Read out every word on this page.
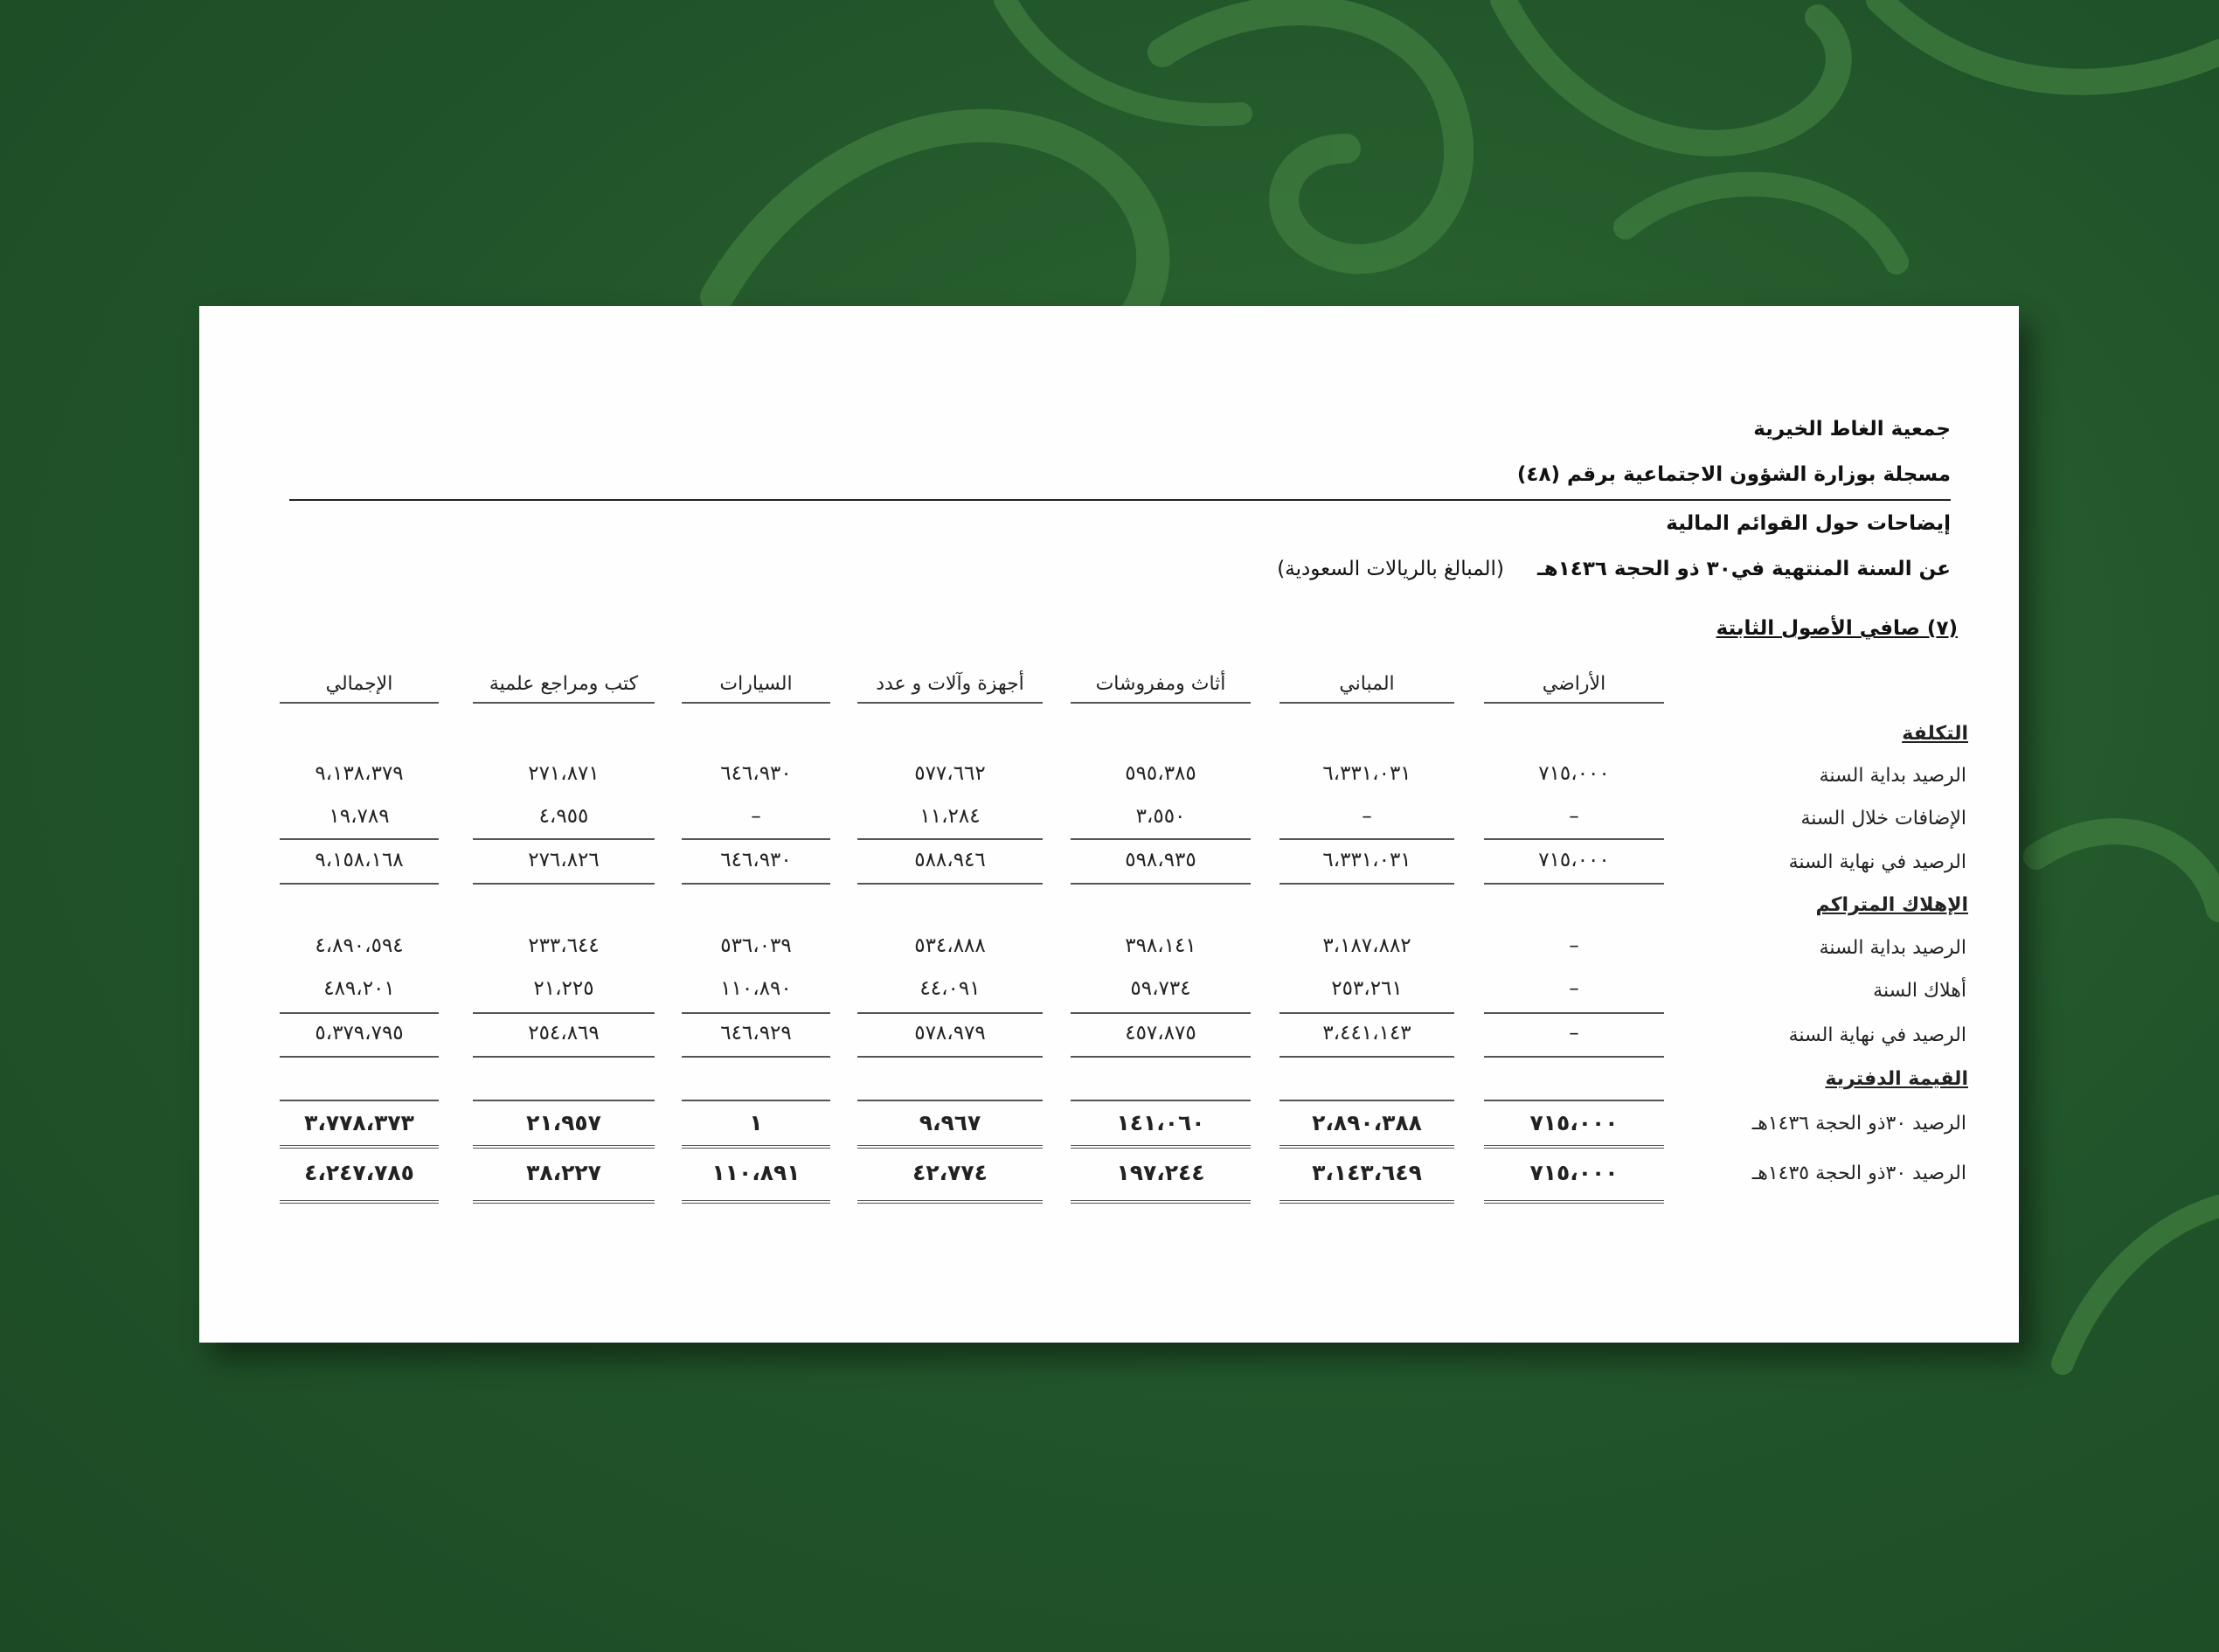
جمعية الغاط الخيرية
مسجلة بوزارة الشؤون الاجتماعية برقم (٤٨)
إيضاحات حول القوائم المالية
عن السنة المنتهية في٣٠ ذو الحجة ١٤٣٦هـ (المبالغ بالريالات السعودية)
(٧) صافي الأصول الثابتة
الأراضي
المباني
أثاث ومفروشات
أجهزة وآلات و عدد
السيارات
كتب ومراجع علمية
الإجمالي
التكلفة
الرصيد بداية السنة
٧١٥،٠٠٠
٦،٣٣١،٠٣١
٥٩٥،٣٨٥
٥٧٧،٦٦٢
٦٤٦،٩٣٠
٢٧١،٨٧١
٩،١٣٨،٣٧٩
الإضافات خلال السنة
–
–
٣،٥٥٠
١١،٢٨٤
–
٤،٩٥٥
١٩،٧٨٩
الرصيد في نهاية السنة
٧١٥،٠٠٠
٦،٣٣١،٠٣١
٥٩٨،٩٣٥
٥٨٨،٩٤٦
٦٤٦،٩٣٠
٢٧٦،٨٢٦
٩،١٥٨،١٦٨
الإهلاك المتراكم
الرصيد بداية السنة
–
٣،١٨٧،٨٨٢
٣٩٨،١٤١
٥٣٤،٨٨٨
٥٣٦،٠٣٩
٢٣٣،٦٤٤
٤،٨٩٠،٥٩٤
أهلاك السنة
–
٢٥٣،٢٦١
٥٩،٧٣٤
٤٤،٠٩١
١١٠،٨٩٠
٢١،٢٢٥
٤٨٩،٢٠١
الرصيد في نهاية السنة
–
٣،٤٤١،١٤٣
٤٥٧،٨٧٥
٥٧٨،٩٧٩
٦٤٦،٩٢٩
٢٥٤،٨٦٩
٥،٣٧٩،٧٩٥
القيمة الدفترية
الرصيد ٣٠ذو الحجة ١٤٣٦هـ
٧١٥،٠٠٠
٢،٨٩٠،٣٨٨
١٤١،٠٦٠
٩،٩٦٧
١
٢١،٩٥٧
٣،٧٧٨،٣٧٣
الرصيد ٣٠ذو الحجة ١٤٣٥هـ
٧١٥،٠٠٠
٣،١٤٣،٦٤٩
١٩٧،٢٤٤
٤٢،٧٧٤
١١٠،٨٩١
٣٨،٢٢٧
٤،٢٤٧،٧٨٥
